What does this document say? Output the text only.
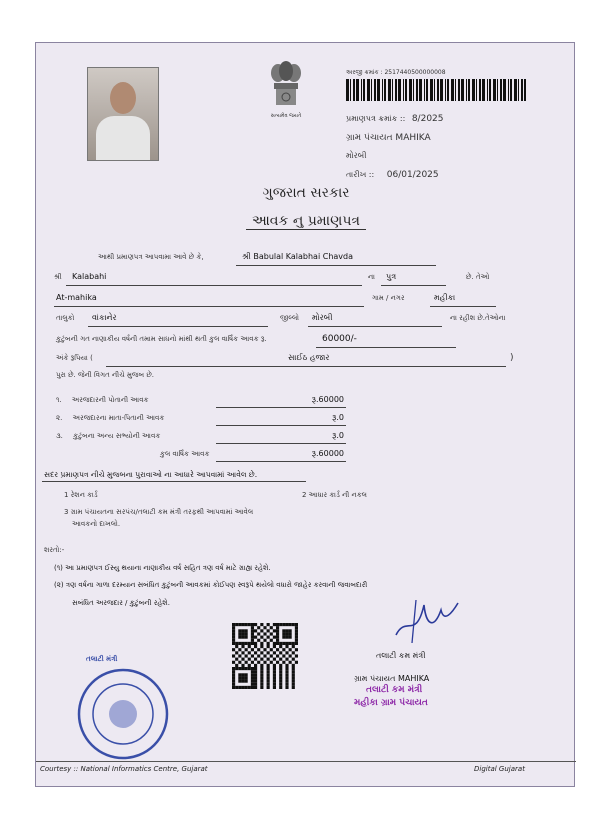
સત્યમેવ જયતે
અરજી ક્રમાંક : 2517440500000008
પ્રમાણપત્ર ક્રમાંક :: 8/2025
ગ્રામ પંચાયત MAHIKA
મોરબી
તારીખ :: 06/01/2025
ગુજરાત સરકાર
આવક નુ પ્રમાણપત્ર
આથી પ્રમાણપત્ર આપવામા આવે છે કે,	શ્રી Babulal Kalabhai Chavda
શ્રી Kalabahi	ના પુત્ર	છે. તેઓ
At-mahika	ગામ / નગર	મહીકા
તાલુકો વાંકાનેર	જીલ્લો મોરબી	ના રહીશ છે.તેઓના
કુટુંબની ગત નાણાકીય વર્ષની તમામ સાધનો માંથી થતી કુલ વાર્ષિક આવક રૂ.	60000/-
અંકે રૂપિયા (	સાઈઠ હજાર	)
પુરા છે. જેની વિગત નીચે મુજબ છે.
૧. અરજદારની પોતાની આવક	રૂ.60000
૨. અરજદારના માતા-પિતાની આવક	રૂ.0
૩. કુટુંબના અન્ય સભ્યોની આવક	રૂ.0
કુલ વાર્ષિક આવક	રૂ.60000
સદર પ્રમાણપત્ર નીચે મુજબના પુરાવાઓ ના આધારે આપવામાં આવેલ છે.
1 રેશન કાર્ડ	2 આધાર કાર્ડ ની નકલ
3 ગ્રામ પંચાયતના સરપંચ/તલાટી કમ મંત્રી તરફથી આપવામાં આવેલ
આવકનો દાખલો.
શરતો:-
(૧) આ પ્રમાણપત્ર ઈસ્યુ થયાના નાણાકીય વર્ષ સહિત ત્રણ વર્ષ માટે ગ્રાહ્ય રહેશે.
(૨) ત્રણ વર્ષના ગાળા દરમ્યાન સબંધિત કુટુંબની આવકમાં કોઈપણ સ્વરૂપે થયેલો વધારો જાહેર કરવાની જવાબદારી
સબંધિત અરજદાર / કુટુંબની રહેશે.
તલાટી કમ મંત્રી
ગ્રામ પંચાયત MAHIKA
તલાટી કમ મંત્રી
મહીકા ગ્રામ પંચાયત
તલાટી મંત્રી
Courtesy :: National Informatics Centre, Gujarat	Digital Gujarat
